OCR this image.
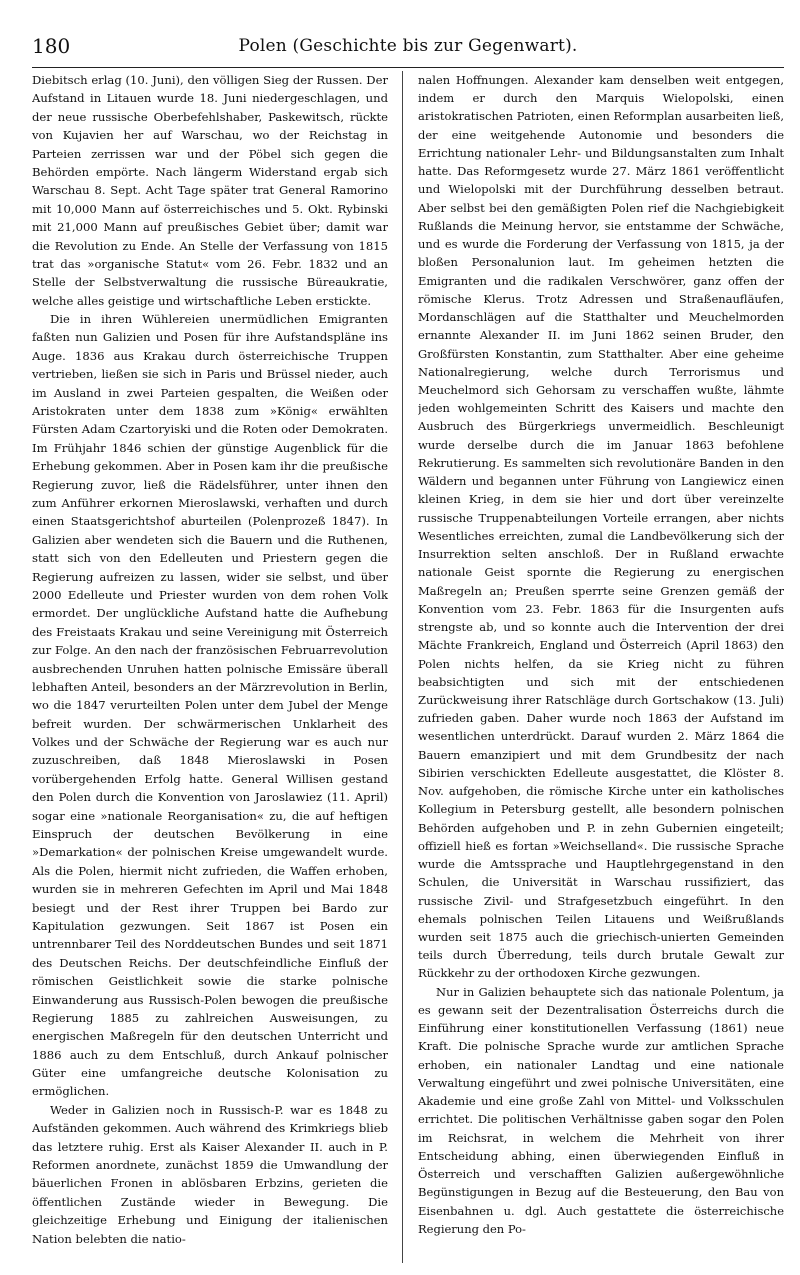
180	Polen (Geschichte bis zur Gegenwart).

Diebitsch erlag (10. Juni), den völligen Sieg der Russen. Der Aufstand in Litauen wurde 18. Juni niedergeschlagen, und der neue russische Oberbefehlshaber, Paskewitsch, rückte von Kujavien her auf Warschau, wo der Reichstag in Parteien zerrissen war und der Pöbel sich gegen die Behörden empörte. Nach längerm Widerstand ergab sich Warschau 8. Sept. Acht Tage später trat General Ramorino mit 10,000 Mann auf österreichisches und 5. Okt. Rybinski mit 21,000 Mann auf preußisches Gebiet über; damit war die Revolution zu Ende. An Stelle der Verfassung von 1815 trat das »organische Statut« vom 26. Febr. 1832 und an Stelle der Selbstverwaltung die russische Büreaukratie, welche alles geistige und wirtschaftliche Leben erstickte.

Die in ihren Wühlereien unermüdlichen Emigranten faßten nun Galizien und Posen für ihre Aufstandspläne ins Auge. 1836 aus Krakau durch österreichische Truppen vertrieben, ließen sie sich in Paris und Brüssel nieder, auch im Ausland in zwei Parteien gespalten, die Weißen oder Aristokraten unter dem 1838 zum »König« erwählten Fürsten Adam Czartoryiski und die Roten oder Demokraten. Im Frühjahr 1846 schien der günstige Augenblick für die Erhebung gekommen. Aber in Posen kam ihr die preußische Regierung zuvor, ließ die Rädelsführer, unter ihnen den zum Anführer erkornen Mieroslawski, verhaften und durch einen Staatsgerichtshof aburteilen (Polenprozeß 1847). In Galizien aber wendeten sich die Bauern und die Ruthenen, statt sich von den Edelleuten und Priestern gegen die Regierung aufreizen zu lassen, wider sie selbst, und über 2000 Edelleute und Priester wurden von dem rohen Volk ermordet. Der unglückliche Aufstand hatte die Aufhebung des Freistaats Krakau und seine Vereinigung mit Österreich zur Folge. An den nach der französischen Februarrevolution ausbrechenden Unruhen hatten polnische Emissäre überall lebhaften Anteil, besonders an der Märzrevolution in Berlin, wo die 1847 verurteilten Polen unter dem Jubel der Menge befreit wurden. Der schwärmerischen Unklarheit des Volkes und der Schwäche der Regierung war es auch nur zuzuschreiben, daß 1848 Mieroslawski in Posen vorübergehenden Erfolg hatte. General Willisen gestand den Polen durch die Konvention von Jaroslawiez (11. April) sogar eine »nationale Reorganisation« zu, die auf heftigen Einspruch der deutschen Bevölkerung in eine »Demarkation« der polnischen Kreise umgewandelt wurde. Als die Polen, hiermit nicht zufrieden, die Waffen erhoben, wurden sie in mehreren Gefechten im April und Mai 1848 besiegt und der Rest ihrer Truppen bei Bardo zur Kapitulation gezwungen. Seit 1867 ist Posen ein untrennbarer Teil des Norddeutschen Bundes und seit 1871 des Deutschen Reichs. Der deutschfeindliche Einfluß der römischen Geistlichkeit sowie die starke polnische Einwanderung aus Russisch-Polen bewogen die preußische Regierung 1885 zu zahlreichen Ausweisungen, zu energischen Maßregeln für den deutschen Unterricht und 1886 auch zu dem Entschluß, durch Ankauf polnischer Güter eine umfangreiche deutsche Kolonisation zu ermöglichen.

Weder in Galizien noch in Russisch-P. war es 1848 zu Aufständen gekommen. Auch während des Krimkriegs blieb das letztere ruhig. Erst als Kaiser Alexander II. auch in P. Reformen anordnete, zunächst 1859 die Umwandlung der bäuerlichen Fronen in ablösbaren Erbzins, gerieten die öffentlichen Zustände wieder in Bewegung. Die gleichzeitige Erhebung und Einigung der italienischen Nation belebten die natio-

nalen Hoffnungen. Alexander kam denselben weit entgegen, indem er durch den Marquis Wielopolski, einen aristokratischen Patrioten, einen Reformplan ausarbeiten ließ, der eine weitgehende Autonomie und besonders die Errichtung nationaler Lehr- und Bildungsanstalten zum Inhalt hatte. Das Reformgesetz wurde 27. März 1861 veröffentlicht und Wielopolski mit der Durchführung desselben betraut. Aber selbst bei den gemäßigten Polen rief die Nachgiebigkeit Rußlands die Meinung hervor, sie entstamme der Schwäche, und es wurde die Forderung der Verfassung von 1815, ja der bloßen Personalunion laut. Im geheimen hetzten die Emigranten und die radikalen Verschwörer, ganz offen der römische Klerus. Trotz Adressen und Straßenaufläufen, Mordanschlägen auf die Statthalter und Meuchelmorden ernannte Alexander II. im Juni 1862 seinen Bruder, den Großfürsten Konstantin, zum Statthalter. Aber eine geheime Nationalregierung, welche durch Terrorismus und Meuchelmord sich Gehorsam zu verschaffen wußte, lähmte jeden wohlgemeinten Schritt des Kaisers und machte den Ausbruch des Bürgerkriegs unvermeidlich. Beschleunigt wurde derselbe durch die im Januar 1863 befohlene Rekrutierung. Es sammelten sich revolutionäre Banden in den Wäldern und begannen unter Führung von Langiewicz einen kleinen Krieg, in dem sie hier und dort über vereinzelte russische Truppenabteilungen Vorteile errangen, aber nichts Wesentliches erreichten, zumal die Landbevölkerung sich der Insurrektion selten anschloß. Der in Rußland erwachte nationale Geist spornte die Regierung zu energischen Maßregeln an; Preußen sperrte seine Grenzen gemäß der Konvention vom 23. Febr. 1863 für die Insurgenten aufs strengste ab, und so konnte auch die Intervention der drei Mächte Frankreich, England und Österreich (April 1863) den Polen nichts helfen, da sie Krieg nicht zu führen beabsichtigten und sich mit der entschiedenen Zurückweisung ihrer Ratschläge durch Gortschakow (13. Juli) zufrieden gaben. Daher wurde noch 1863 der Aufstand im wesentlichen unterdrückt. Darauf wurden 2. März 1864 die Bauern emanzipiert und mit dem Grundbesitz der nach Sibirien verschickten Edelleute ausgestattet, die Klöster 8. Nov. aufgehoben, die römische Kirche unter ein katholisches Kollegium in Petersburg gestellt, alle besondern polnischen Behörden aufgehoben und P. in zehn Gubernien eingeteilt; offiziell hieß es fortan »Weichselland«. Die russische Sprache wurde die Amtssprache und Hauptlehrgegenstand in den Schulen, die Universität in Warschau russifiziert, das russische Zivil- und Strafgesetzbuch eingeführt. In den ehemals polnischen Teilen Litauens und Weißrußlands wurden seit 1875 auch die griechisch-unierten Gemeinden teils durch Überredung, teils durch brutale Gewalt zur Rückkehr zu der orthodoxen Kirche gezwungen.

Nur in Galizien behauptete sich das nationale Polentum, ja es gewann seit der Dezentralisation Österreichs durch die Einführung einer konstitutionellen Verfassung (1861) neue Kraft. Die polnische Sprache wurde zur amtlichen Sprache erhoben, ein nationaler Landtag und eine nationale Verwaltung eingeführt und zwei polnische Universitäten, eine Akademie und eine große Zahl von Mittel- und Volksschulen errichtet. Die politischen Verhältnisse gaben sogar den Polen im Reichsrat, in welchem die Mehrheit von ihrer Entscheidung abhing, einen überwiegenden Einfluß in Österreich und verschafften Galizien außergewöhnliche Begünstigungen in Bezug auf die Besteuerung, den Bau von Eisenbahnen u. dgl. Auch gestattete die österreichische Regierung den Po-
